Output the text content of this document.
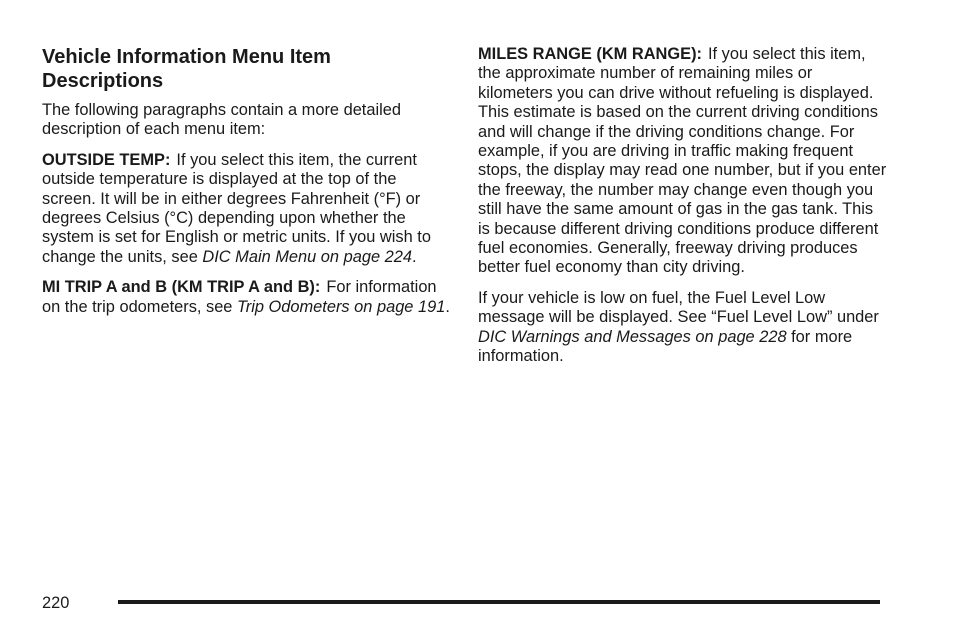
Vehicle Information Menu Item Descriptions

The following paragraphs contain a more detailed description of each menu item:

OUTSIDE TEMP: If you select this item, the current outside temperature is displayed at the top of the screen. It will be in either degrees Fahrenheit (°F) or degrees Celsius (°C) depending upon whether the system is set for English or metric units. If you wish to change the units, see DIC Main Menu on page 224.

MI TRIP A and B (KM TRIP A and B): For information on the trip odometers, see Trip Odometers on page 191.

MILES RANGE (KM RANGE): If you select this item, the approximate number of remaining miles or kilometers you can drive without refueling is displayed. This estimate is based on the current driving conditions and will change if the driving conditions change. For example, if you are driving in traffic making frequent stops, the display may read one number, but if you enter the freeway, the number may change even though you still have the same amount of gas in the gas tank. This is because different driving conditions produce different fuel economies. Generally, freeway driving produces better fuel economy than city driving.

If your vehicle is low on fuel, the Fuel Level Low message will be displayed. See “Fuel Level Low” under DIC Warnings and Messages on page 228 for more information.

220
